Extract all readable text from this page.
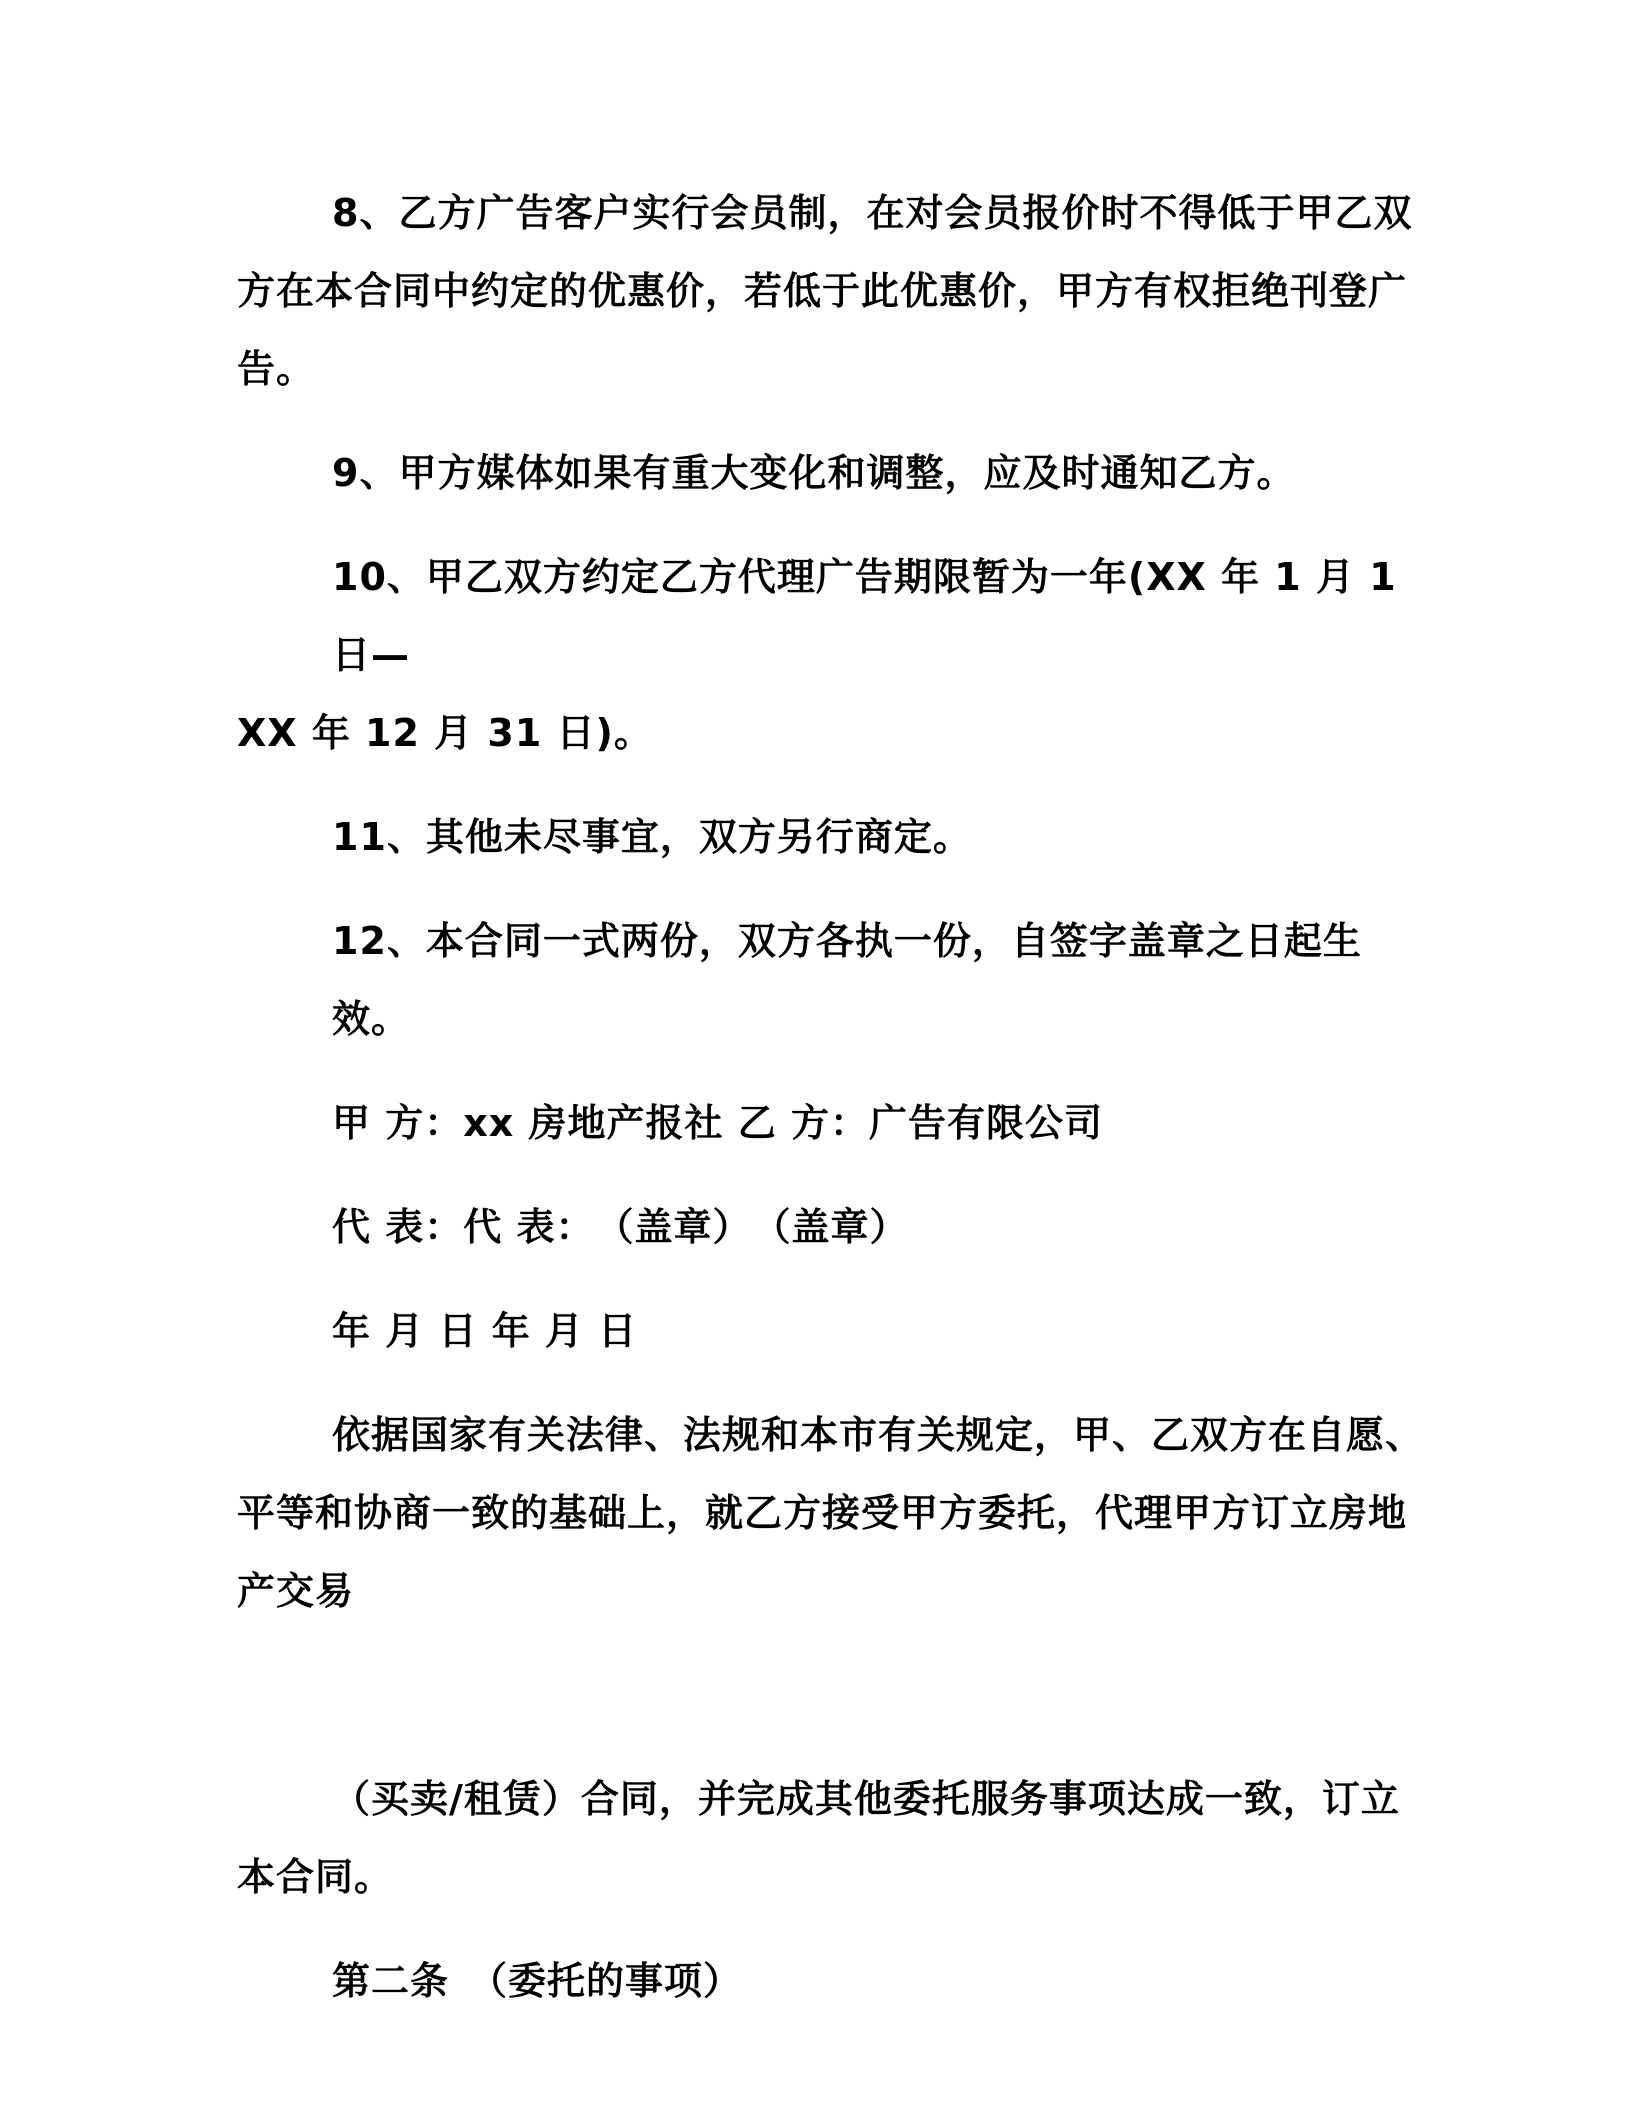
8、乙方广告客户实行会员制，在对会员报价时不得低于甲乙双
方在本合同中约定的优惠价，若低于此优惠价，甲方有权拒绝刊登广
告。
9、甲方媒体如果有重大变化和调整，应及时通知乙方。
10、甲乙双方约定乙方代理广告期限暂为一年(XX 年 1 月 1 日—
XX 年 12 月 31 日)。
11、其他未尽事宜，双方另行商定。
12、本合同一式两份，双方各执一份，自签字盖章之日起生效。
甲 方：xx 房地产报社 乙 方：广告有限公司
代 表：代 表：　（盖章）　（盖章）
年 月 日 年 月 日
依据国家有关法律、法规和本市有关规定，甲、乙双方在自愿、
平等和协商一致的基础上，就乙方接受甲方委托，代理甲方订立房地
产交易
（买卖/租赁）合同，并完成其他委托服务事项达成一致，订立
本合同。
第二条　（委托的事项）
